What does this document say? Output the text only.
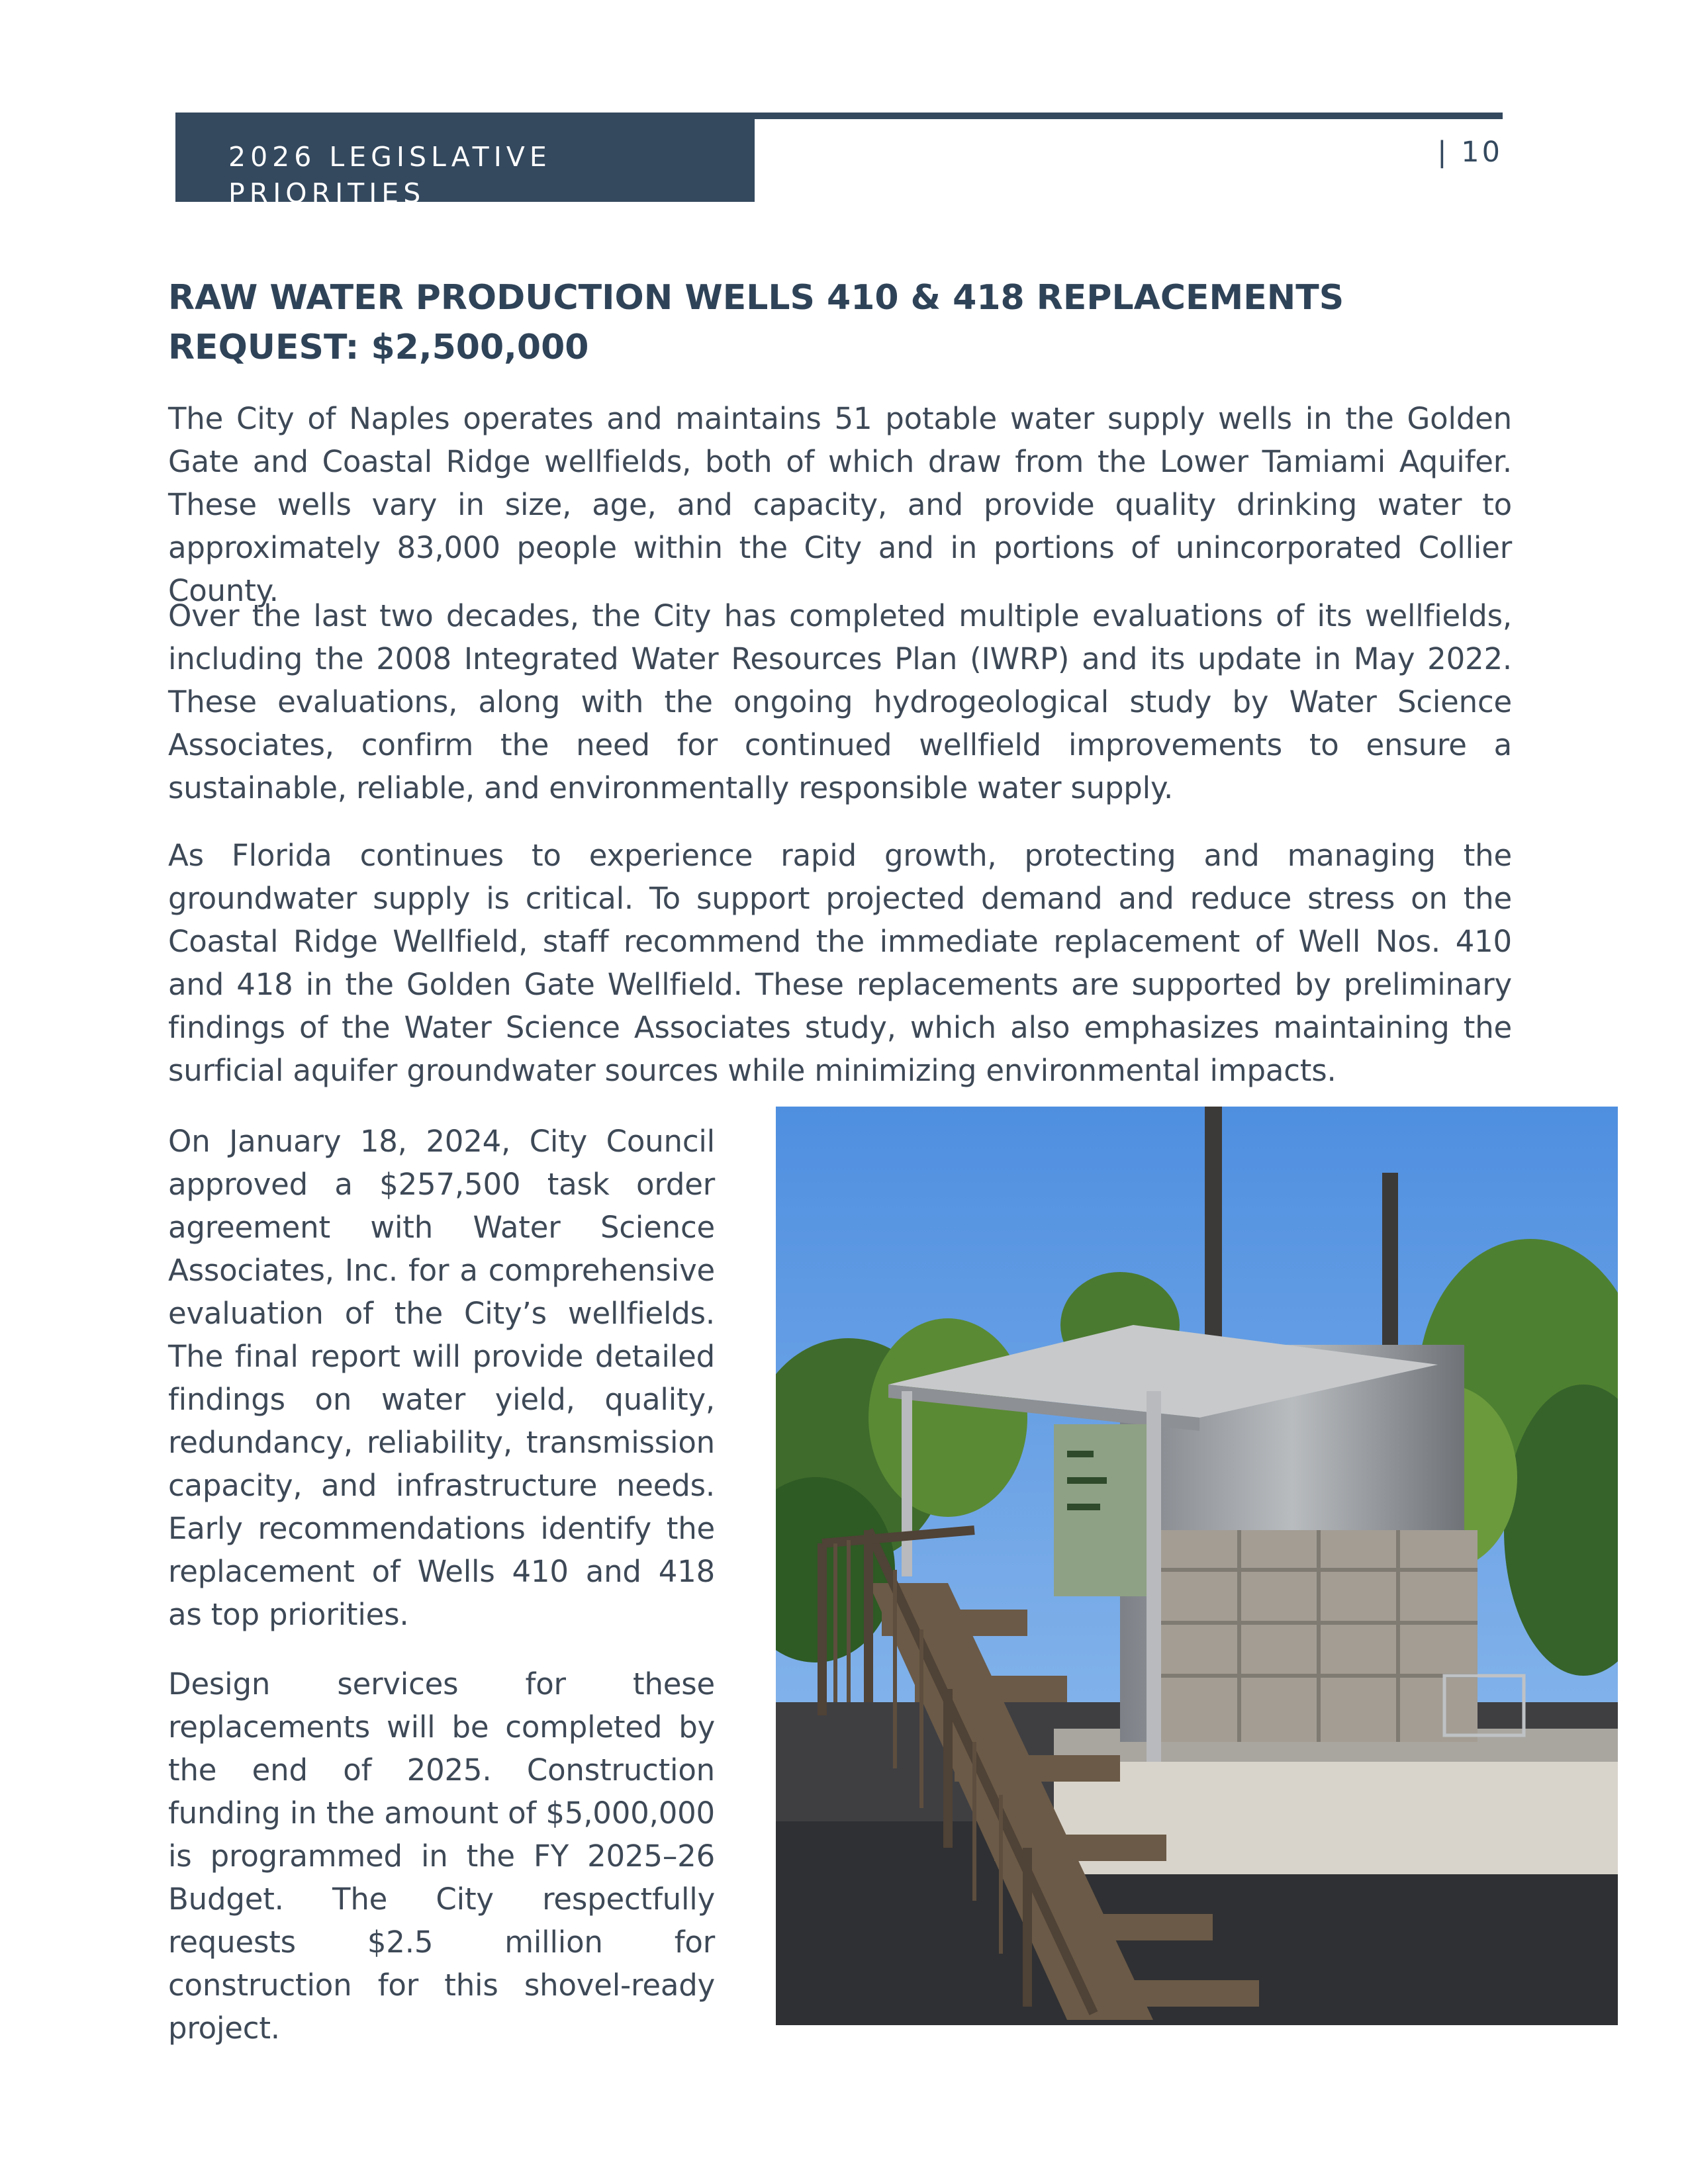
2026 LEGISLATIVE PRIORITIES
| 10
RAW WATER PRODUCTION WELLS 410 & 418 REPLACEMENTS
REQUEST: $2,500,000

The City of Naples operates and maintains 51 potable water supply wells in the Golden Gate and Coastal Ridge wellfields, both of which draw from the Lower Tamiami Aquifer. These wells vary in size, age, and capacity, and provide quality drinking water to approximately 83,000 people within the City and in portions of unincorporated Collier County.

Over the last two decades, the City has completed multiple evaluations of its wellfields, including the 2008 Integrated Water Resources Plan (IWRP) and its update in May 2022. These evaluations, along with the ongoing hydrogeological study by Water Science Associates, confirm the need for continued wellfield improvements to ensure a sustainable, reliable, and environmentally responsible water supply.

As Florida continues to experience rapid growth, protecting and managing the groundwater supply is critical. To support projected demand and reduce stress on the Coastal Ridge Wellfield, staff recommend the immediate replacement of Well Nos. 410 and 418 in the Golden Gate Wellfield. These replacements are supported by preliminary findings of the Water Science Associates study, which also emphasizes maintaining the surficial aquifer groundwater sources while minimizing environmental impacts.

On January 18, 2024, City Council approved a $257,500 task order agreement with Water Science Associates, Inc. for a comprehensive evaluation of the City’s wellfields. The final report will provide detailed findings on water yield, quality, redundancy, reliability, transmission capacity, and infrastructure needs. Early recommendations identify the replacement of Wells 410 and 418 as top priorities.

Design services for these replacements will be completed by the end of 2025. Construction funding in the amount of $5,000,000 is programmed in the FY 2025–26 Budget. The City respectfully requests $2.5 million for construction for this shovel-ready project.
